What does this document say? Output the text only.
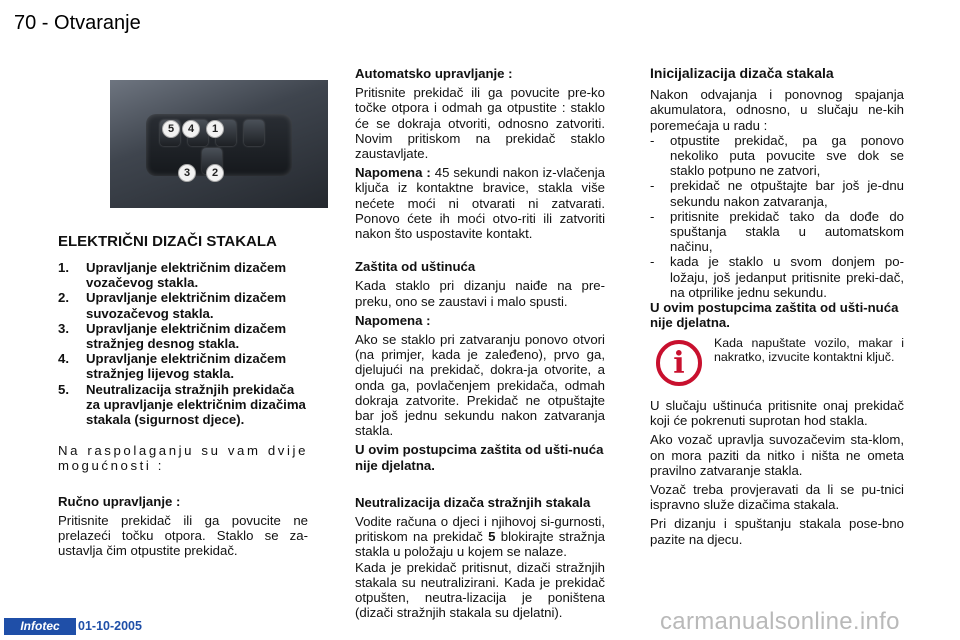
70 - Otvaranje
5	4	1
3	2

ELEKTRIČNI DIZAČI STAKALA

1.	Upravljanje električnim dizačem vozačevog stakla.
2.	Upravljanje električnim dizačem suvozačevog stakla.
3.	Upravljanje električnim dizačem stražnjeg desnog stakla.
4.	Upravljanje električnim dizačem stražnjeg lijevog stakla.
5.	Neutralizacija stražnjih prekidača za upravljanje električnim dizačima stakala (sigurnost djece).

Na raspolaganju su vam dvije mogućnosti :

Ručno upravljanje :

Pritisnite prekidač ili ga povucite ne prelazeći točku otpora. Staklo se za-ustavlja čim otpustite prekidač.

Automatsko upravljanje :

Pritisnite prekidač ili ga povucite pre-ko točke otpora i odmah ga otpustite : staklo će se dokraja otvoriti, odnosno zatvoriti. Novim pritiskom na prekidač staklo zaustavljate.

Napomena : 45 sekundi nakon iz-vlačenja ključa iz kontaktne bravice, stakla više nećete moći ni otvarati ni zatvarati. Ponovo ćete ih moći otvo-riti ili zatvoriti nakon što uspostavite kontakt.

Zaštita od uštinuća

Kada staklo pri dizanju naiđe na pre-preku, ono se zaustavi i malo spusti.

Napomena :

Ako se staklo pri zatvaranju ponovo otvori (na primjer, kada je zaleđeno), prvo ga, djelujući na prekidač, dokra-ja otvorite, a onda ga, povlačenjem prekidača, odmah dokraja zatvorite. Prekidač ne otpuštajte bar još jednu sekundu nakon zatvaranja stakla.

U ovim postupcima zaštita od ušti-nuća nije djelatna.

Neutralizacija dizača stražnjih stakala

Vodite računa o djeci i njihovoj si-gurnosti, pritiskom na prekidač 5 blokirajte stražnja stakla u položaju u kojem se nalaze.

Kada je prekidač pritisnut, dizači stražnjih stakala su neutralizirani. Kada je prekidač otpušten, neutra-lizacija je poništena (dizači stražnjih stakala su djelatni).

Inicijalizacija dizača stakala

Nakon odvajanja i ponovnog spajanja akumulatora, odnosno, u slučaju ne-kih poremećaja u radu :

-	otpustite prekidač, pa ga ponovo nekoliko puta povucite sve dok se staklo potpuno ne zatvori,
-	prekidač ne otpuštajte bar još je-dnu sekundu nakon zatvaranja,
-	pritisnite prekidač tako da dođe do spuštanja stakla u automatskom načinu,
-	kada je staklo u svom donjem po-ložaju, još jedanput pritisnite preki-dač, na otprilike jednu sekundu.

U ovim postupcima zaštita od ušti-nuća nije djelatna.

i
Kada napuštate vozilo, makar i nakratko, izvucite kontaktni ključ.

U slučaju uštinuća pritisnite onaj prekidač koji će pokrenuti suprotan hod stakla.

Ako vozač upravlja suvozačevim sta-klom, on mora paziti da nitko i ništa ne ometa pravilno zatvaranje stakla.

Vozač treba provjeravati da li se pu-tnici ispravno služe dizačima stakala.

Pri dizanju i spuštanju stakala pose-bno pazite na djecu.

Infotec	01-10-2005	carmanualsonline.info
